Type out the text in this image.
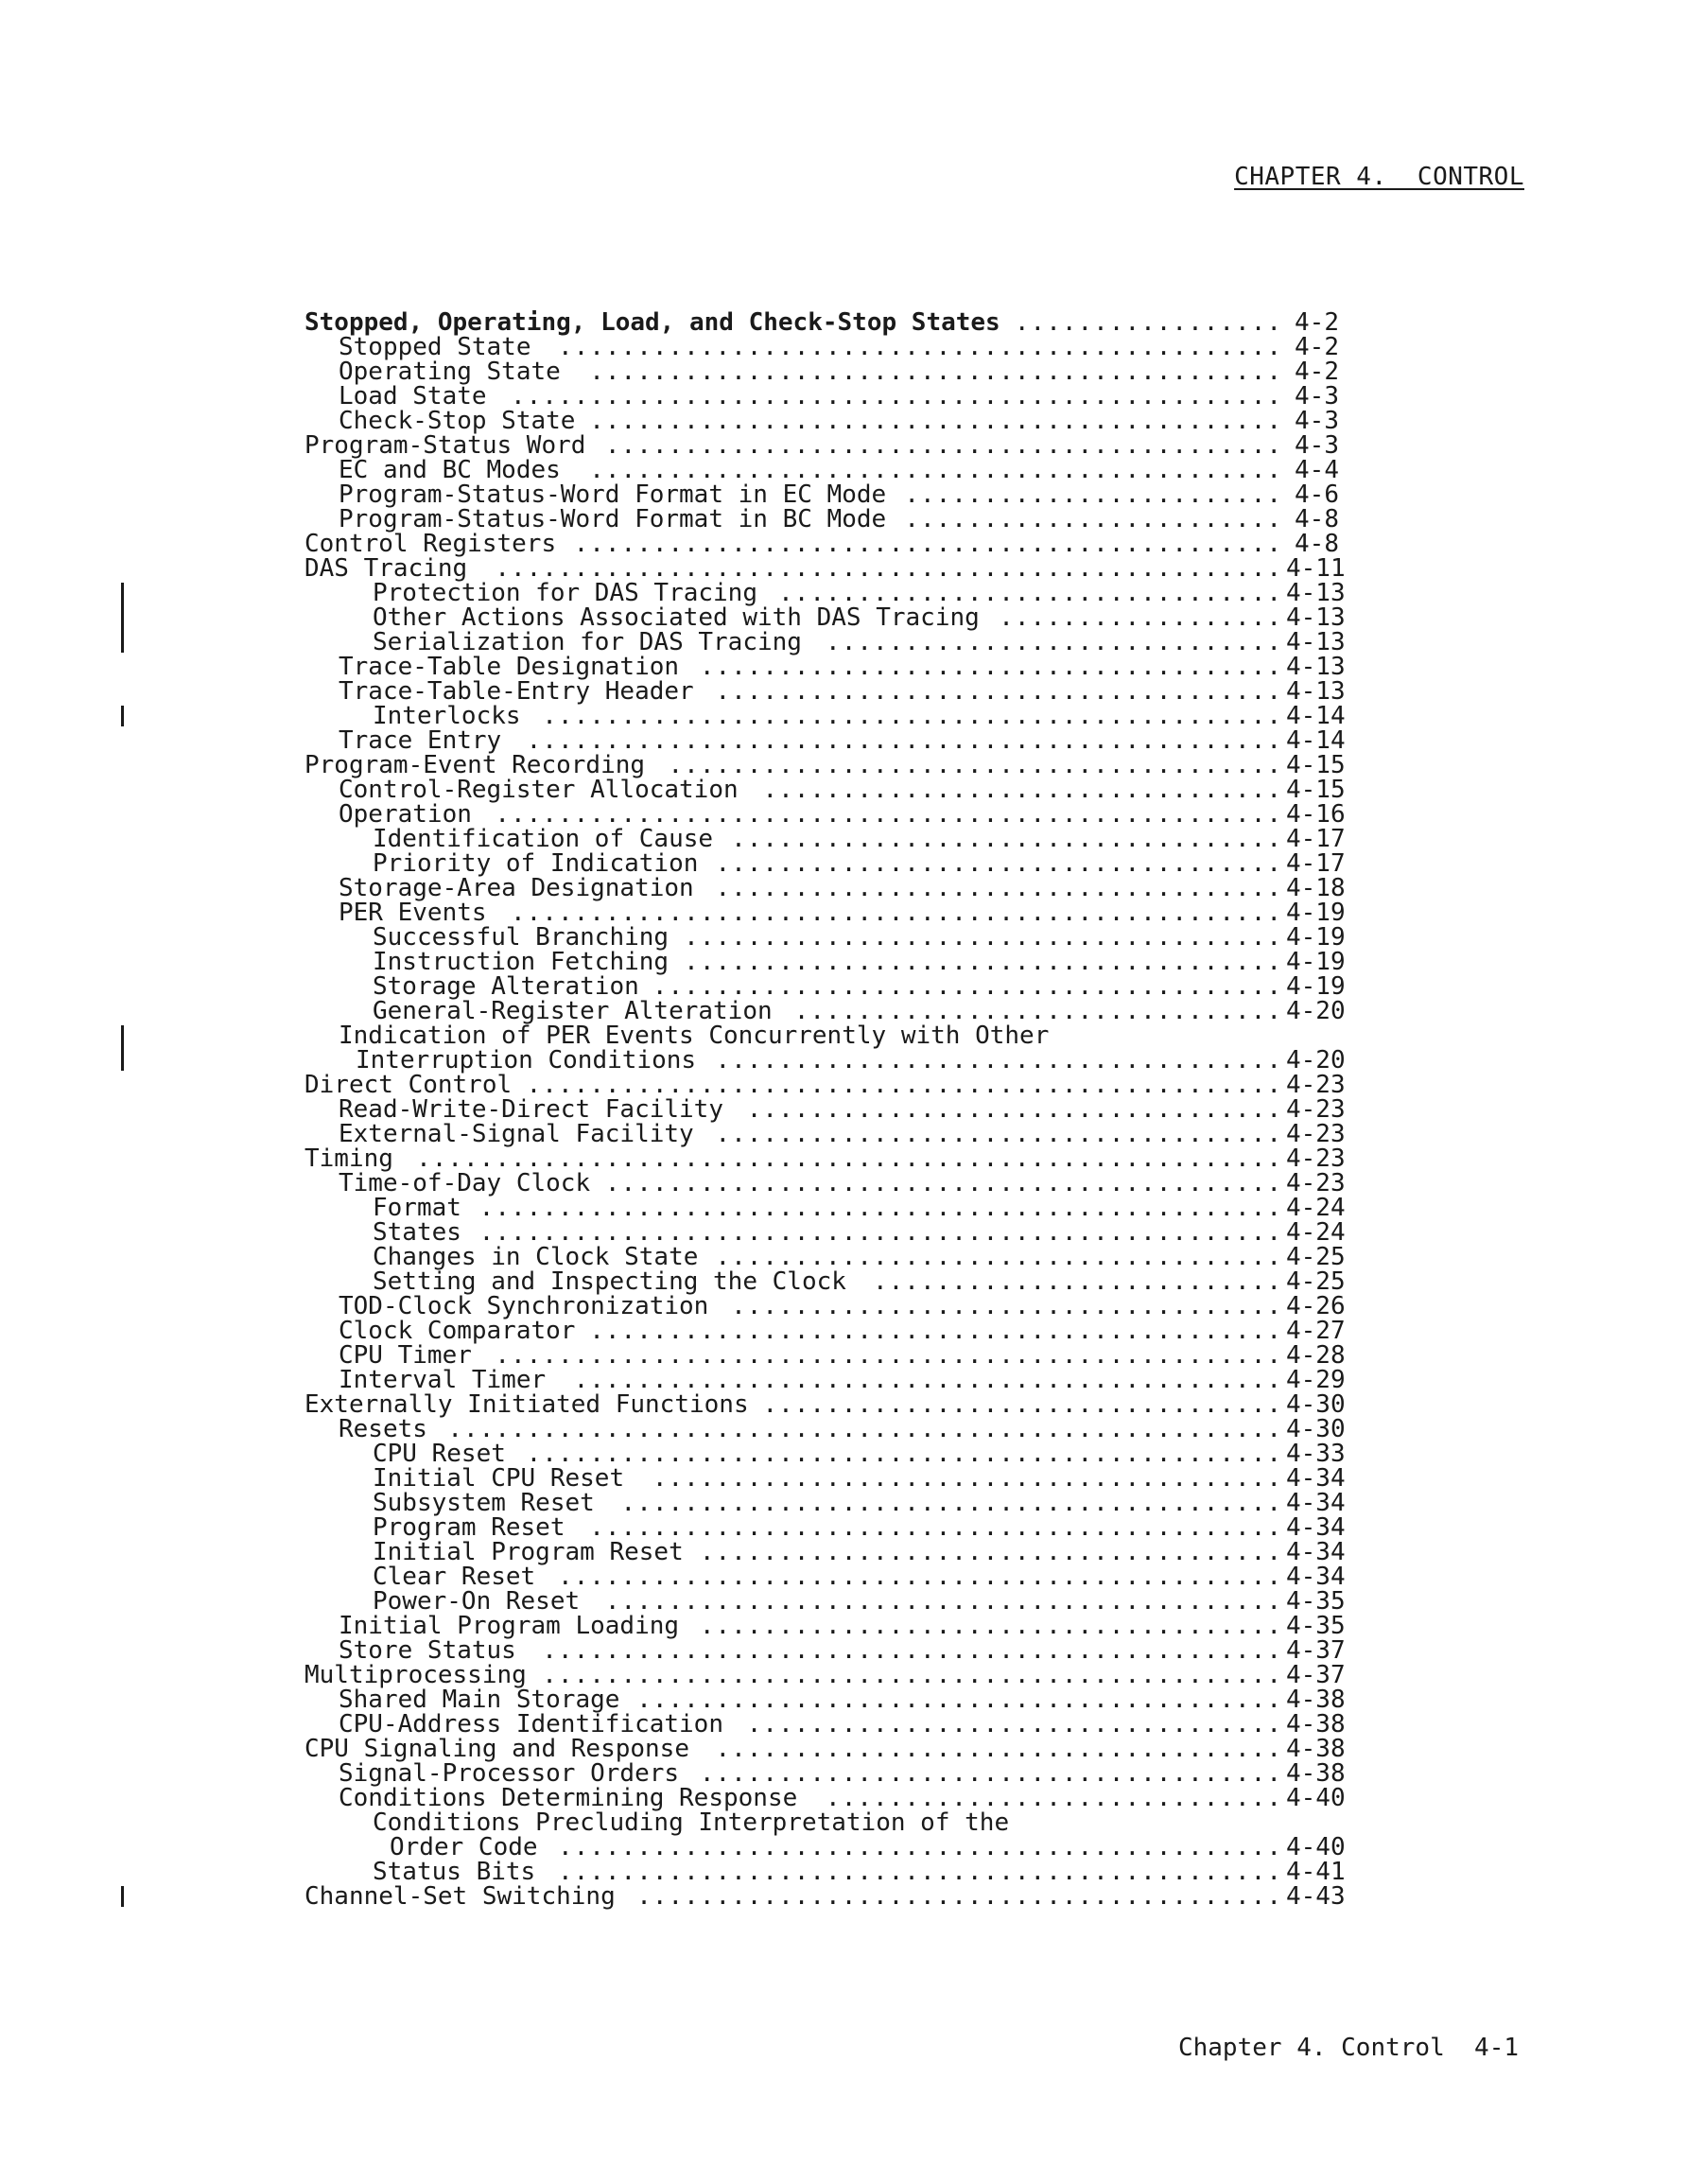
CHAPTER 4.  CONTROL
Stopped, Operating, Load, and Check-Stop States	4-2
.................
Stopped State	4-2
..............................................
Operating State	4-2
............................................
Load State	4-3
.................................................
Check-Stop State	4-3
............................................
Program-Status Word	4-3
...........................................
EC and BC Modes	4-4
............................................
Program-Status-Word Format in EC Mode	4-6
........................
Program-Status-Word Format in BC Mode	4-8
........................
Control Registers	4-8
.............................................
DAS Tracing	4-11
..................................................
Protection for DAS Tracing	4-13
................................
Other Actions Associated with DAS Tracing	4-13
..................
Serialization for DAS Tracing	4-13
.............................
Trace-Table Designation	4-13
.....................................
Trace-Table-Entry Header	4-13
....................................
Interlocks	4-14
...............................................
Trace Entry	4-14
................................................
Program-Event Recording	4-15
.......................................
Control-Register Allocation	4-15
.................................
Operation	4-16
..................................................
Identification of Cause	4-17
...................................
Priority of Indication	4-17
....................................
Storage-Area Designation	4-18
....................................
PER Events	4-19
.................................................
Successful Branching	4-19
......................................
Instruction Fetching	4-19
......................................
Storage Alteration	4-19
........................................
General-Register Alteration	4-20
...............................
Indication of PER Events Concurrently with Other
Interruption Conditions	4-20
....................................
Direct Control	4-23
................................................
Read-Write-Direct Facility	4-23
..................................
External-Signal Facility	4-23
....................................
Timing	4-23
.......................................................
Time-of-Day Clock	4-23
...........................................
Format	4-24
...................................................
States	4-24
...................................................
Changes in Clock State	4-25
....................................
Setting and Inspecting the Clock	4-25
..........................
TOD-Clock Synchronization	4-26
...................................
Clock Comparator	4-27
............................................
CPU Timer	4-28
..................................................
Interval Timer	4-29
.............................................
Externally Initiated Functions	4-30
.................................
Resets	4-30
.....................................................
CPU Reset	4-33
................................................
Initial CPU Reset	4-34
........................................
Subsystem Reset	4-34
..........................................
Program Reset	4-34
............................................
Initial Program Reset	4-34
.....................................
Clear Reset	4-34
..............................................
Power-On Reset	4-35
...........................................
Initial Program Loading	4-35
.....................................
Store Status	4-37
...............................................
Multiprocessing	4-37
...............................................
Shared Main Storage	4-38
.........................................
CPU-Address Identification	4-38
..................................
CPU Signaling and Response	4-38
....................................
Signal-Processor Orders	4-38
.....................................
Conditions Determining Response	4-40
.............................
Conditions Precluding Interpretation of the
Order Code	4-40
..............................................
Status Bits	4-41
..............................................
Channel-Set Switching	4-43
.........................................
Chapter 4. Control  4-1
